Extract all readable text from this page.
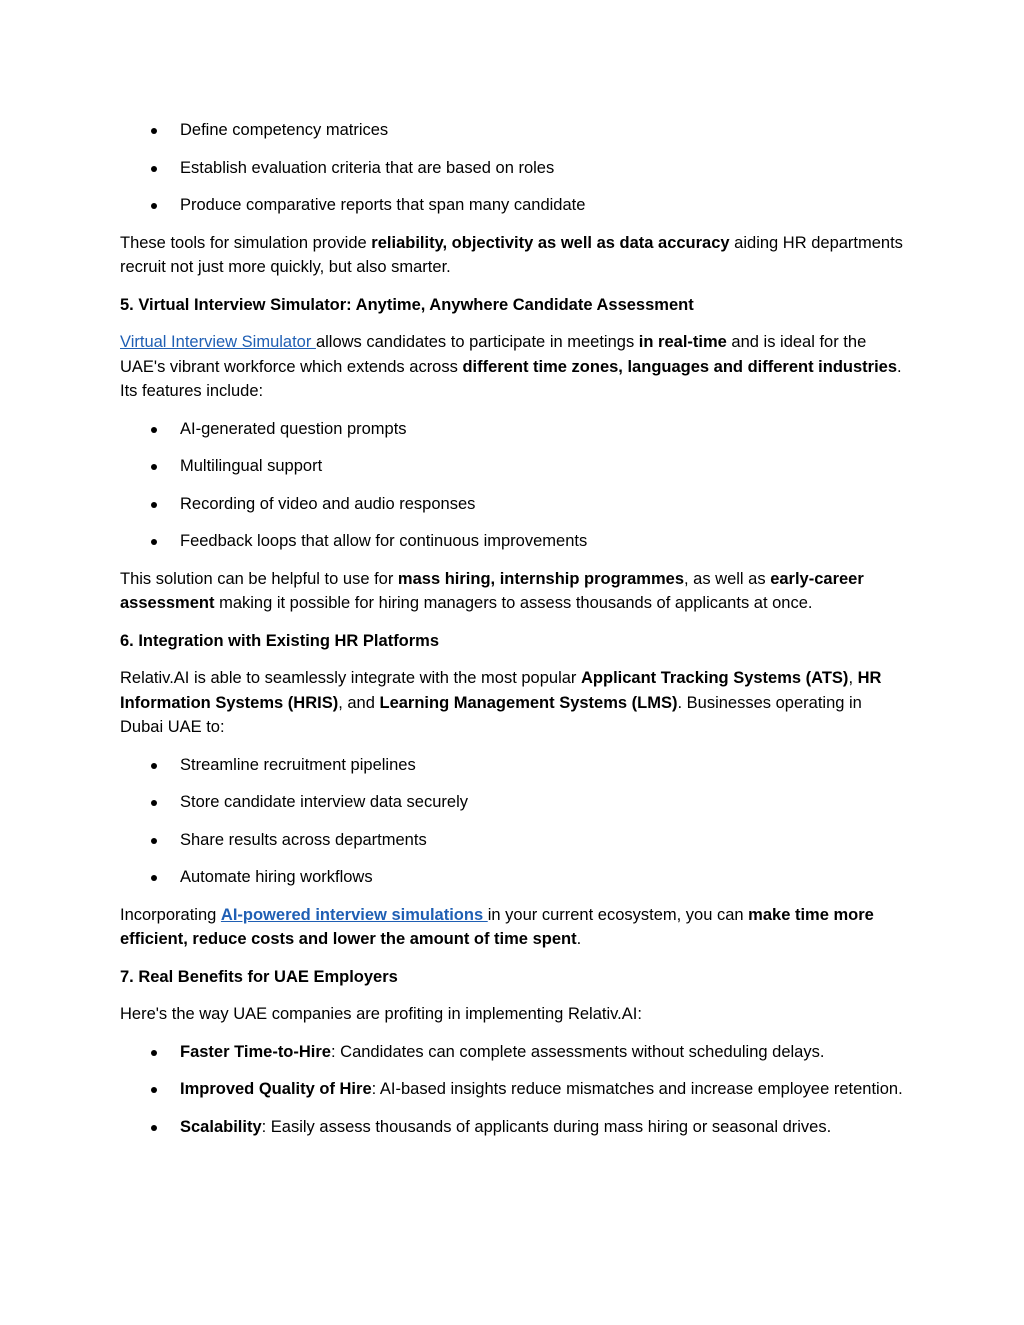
Define competency matrices
Establish evaluation criteria that are based on roles
Produce comparative reports that span many candidate

These tools for simulation provide reliability, objectivity as well as data accuracy aiding HR departments recruit not just more quickly, but also smarter.

5. Virtual Interview Simulator: Anytime, Anywhere Candidate Assessment

Virtual Interview Simulator allows candidates to participate in meetings in real-time and is ideal for the UAE's vibrant workforce which extends across different time zones, languages and different industries. Its features include:

AI-generated question prompts
Multilingual support
Recording of video and audio responses
Feedback loops that allow for continuous improvements

This solution can be helpful to use for mass hiring, internship programmes, as well as early-career assessment making it possible for hiring managers to assess thousands of applicants at once.

6. Integration with Existing HR Platforms

Relativ.AI is able to seamlessly integrate with the most popular Applicant Tracking Systems (ATS), HR Information Systems (HRIS), and Learning Management Systems (LMS). Businesses operating in Dubai UAE to:

Streamline recruitment pipelines
Store candidate interview data securely
Share results across departments
Automate hiring workflows

Incorporating AI-powered interview simulations in your current ecosystem, you can make time more efficient, reduce costs and lower the amount of time spent.

7. Real Benefits for UAE Employers

Here's the way UAE companies are profiting in implementing Relativ.AI:

Faster Time-to-Hire: Candidates can complete assessments without scheduling delays.
Improved Quality of Hire: AI-based insights reduce mismatches and increase employee retention.
Scalability: Easily assess thousands of applicants during mass hiring or seasonal drives.
